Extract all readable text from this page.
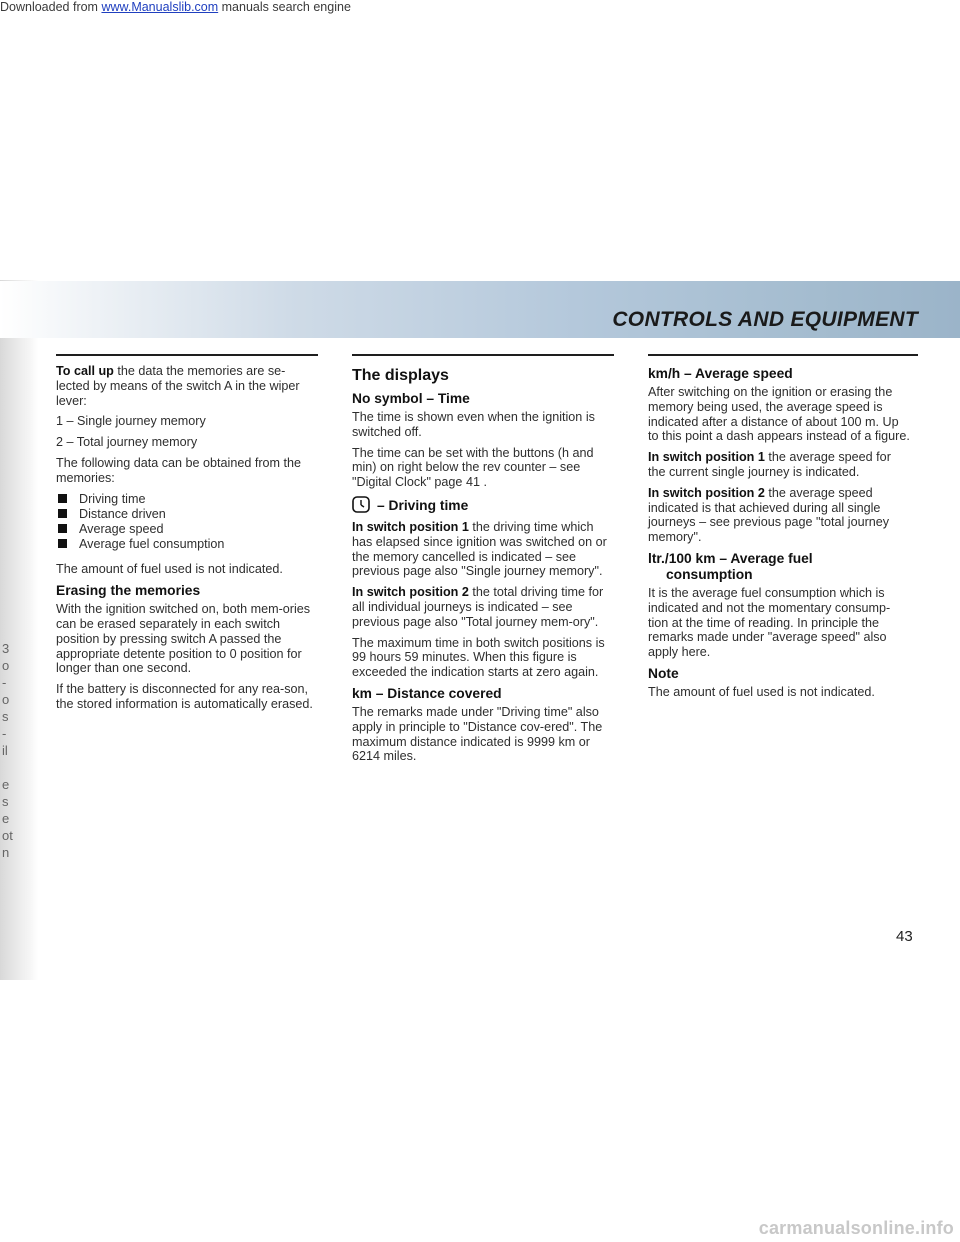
Downloaded from www.Manualslib.com manuals search engine
3
o
-
o
s
-
il

e
s
e
ot
n
CONTROLS AND EQUIPMENT

To call up the data the memories are se-lected by means of the switch A in the wiper lever:

1 – Single journey memory

2 – Total journey memory

The following data can be obtained from the memories:

Driving time
Distance driven
Average speed
Average fuel consumption

The amount of fuel used is not indicated.

Erasing the memories

With the ignition switched on, both mem-ories can be erased separately in each switch position by pressing switch A passed the appropriate detente position to 0 position for longer than one second.

If the battery is disconnected for any rea-son, the stored information is automatically erased.

The displays
No symbol – Time

The time is shown even when the ignition is switched off.

The time can be set with the buttons (h and min) on right below the rev counter – see "Digital Clock" page 41 .

– Driving time

In switch position 1 the driving time which has elapsed since ignition was switched on or the memory cancelled is indicated – see previous page also "Single journey memory".

In switch position 2 the total driving time for all individual journeys is indicated – see previous page also "Total journey mem-ory".

The maximum time in both switch positions is 99 hours 59 minutes. When this figure is exceeded the indication starts at zero again.

km – Distance covered

The remarks made under "Driving time" also apply in principle to "Distance cov-ered". The maximum distance indicated is 9999 km or 6214 miles.

km/h – Average speed

After switching on the ignition or erasing the memory being used, the average speed is indicated after a distance of about 100 m. Up to this point a dash appears instead of a figure.

In switch position 1 the average speed for the current single journey is indicated.

In switch position 2 the average speed indicated is that achieved during all single journeys – see previous page "total journey memory".

ltr./100 km – Average fuel
consumption

It is the average fuel consumption which is indicated and not the momentary consump-tion at the time of reading. In principle the remarks made under "average speed" also apply here.

Note

The amount of fuel used is not indicated.

43
carmanualsonline.info
